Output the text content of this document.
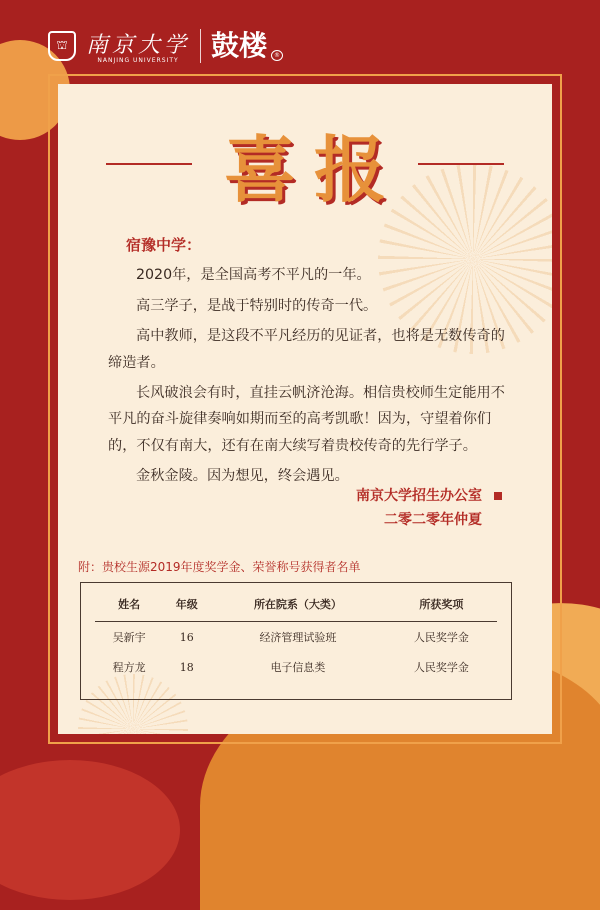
⛫ 南京大学
NANJING UNIVERSITY 鼓楼	®
喜报
宿豫中学：

2020年，是全国高考不平凡的一年。

高三学子，是战于特别时的传奇一代。

高中教师，是这段不平凡经历的见证者，也将是无数传奇的缔造者。

长风破浪会有时，直挂云帆济沧海。相信贵校师生定能用不平凡的奋斗旋律奏响如期而至的高考凯歌！因为，守望着你们的，不仅有南大，还有在南大续写着贵校传奇的先行学子。

金秋金陵。因为想见，终会遇见。

南京大学招生办公室
二零二零年仲夏
附：贵校生源2019年度奖学金、荣誉称号获得者名单
姓名	年级	所在院系（大类）	所获奖项
吴新宇	16	经济管理试验班	人民奖学金
程方龙	18	电子信息类	人民奖学金
